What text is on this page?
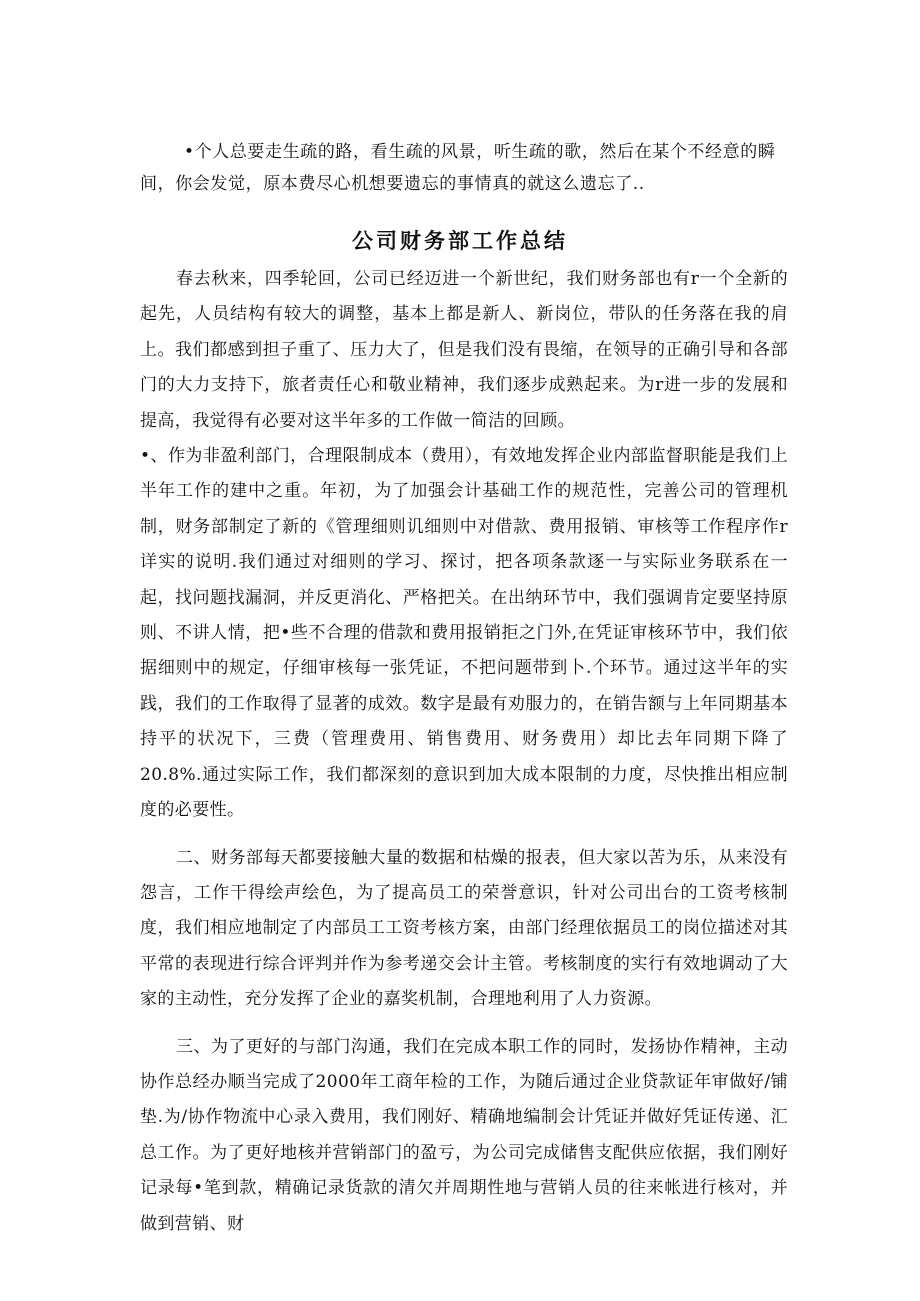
•个人总要走生疏的路，看生疏的风景，听生疏的歌，然后在某个不经意的瞬间，你会发觉，原本费尽心机想要遗忘的事情真的就这么遗忘了..

公司财务部工作总结

春去秋来，四季轮回，公司已经迈进一个新世纪，我们财务部也有r一个全新的起先，人员结构有较大的调整，基本上都是新人、新岗位，带队的任务落在我的肩上。我们都感到担子重了、压力大了，但是我们没有畏缩，在领导的正确引导和各部门的大力支持下，旅者责任心和敬业精神，我们逐步成熟起来。为r进一步的发展和提高，我觉得有必要对这半年多的工作做一简洁的回顾。

•、作为非盈利部门，合理限制成本（费用），有效地发挥企业内部监督职能是我们上半年工作的建中之重。年初，为了加强会计基础工作的规范性，完善公司的管理机制，财务部制定了新的《管理细则讥细则中对借款、费用报销、审核等工作程序作r详实的说明.我们通过对细则的学习、探讨，把各项条款逐一与实际业务联系在一起，找问题找漏洞，并反更消化、严格把关。在出纳环节中，我们强调肯定要坚持原则、不讲人情，把•些不合理的借款和费用报销拒之门外,在凭证审核环节中，我们依据细则中的规定，仔细审核每一张凭证，不把问题带到卜.个环节。通过这半年的实践，我们的工作取得了显著的成效。数字是最有劝服力的，在销告额与上年同期基本持平的状况下，三费（管理费用、销售费用、财务费用）却比去年同期下降了20.8%.通过实际工作，我们都深刻的意识到加大成本限制的力度，尽快推出相应制度的必要性。

二、财务部每天都要接触大量的数据和枯燥的报表，但大家以苦为乐，从来没有怨言，工作干得绘声绘色，为了提高员工的荣誉意识，针对公司出台的工资考核制度，我们相应地制定了内部员工工资考核方案，由部门经理依据员工的岗位描述对其平常的表现进行综合评判并作为参考递交会计主管。考核制度的实行有效地调动了大家的主动性，充分发挥了企业的嘉奖机制，合理地利用了人力资源。

三、为了更好的与部门沟通，我们在完成本职工作的同时，发扬协作精神，主动协作总经办顺当完成了2000年工商年检的工作，为随后通过企业贷款证年审做好/铺垫.为/协作物流中心录入费用，我们刚好、精确地编制会计凭证并做好凭证传递、汇总工作。为了更好地核并营销部门的盈亏，为公司完成储售支配供应依据，我们刚好记录每•笔到款，精确记录货款的清欠并周期性地与营销人员的往来帐进行核对，并做到营销、财
